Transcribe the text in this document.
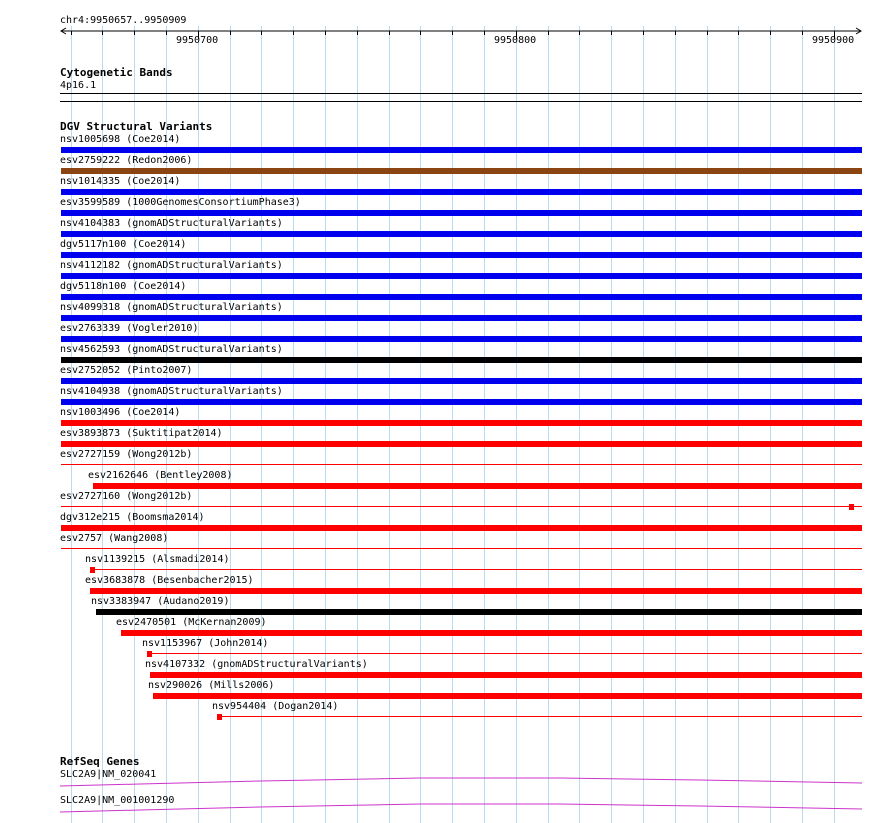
chr4:9950657..9950909
9950700	9950800	9950900
Cytogenetic Bands
4p16.1
DGV Structural Variants
nsv1005698 (Coe2014)
esv2759222 (Redon2006)
nsv1014335 (Coe2014)
esv3599589 (1000GenomesConsortiumPhase3)
nsv4104383 (gnomADStructuralVariants)
dgv5117n100 (Coe2014)
nsv4112182 (gnomADStructuralVariants)
dgv5118n100 (Coe2014)
nsv4099318 (gnomADStructuralVariants)
esv2763339 (Vogler2010)
nsv4562593 (gnomADStructuralVariants)
esv2752052 (Pinto2007)
nsv4104938 (gnomADStructuralVariants)
nsv1003496 (Coe2014)
esv3893873 (Suktitipat2014)
esv2727159 (Wong2012b)
esv2162646 (Bentley2008)
esv2727160 (Wong2012b)
dgv312e215 (Boomsma2014)
esv2757 (Wang2008)
nsv1139215 (Alsmadi2014)
esv3683878 (Besenbacher2015)
nsv3383947 (Audano2019)
esv2470501 (McKernan2009)
nsv1153967 (John2014)
nsv4107332 (gnomADStructuralVariants)
nsv290026 (Mills2006)
nsv954404 (Dogan2014)
RefSeq Genes
SLC2A9|NM_020041
SLC2A9|NM_001001290
